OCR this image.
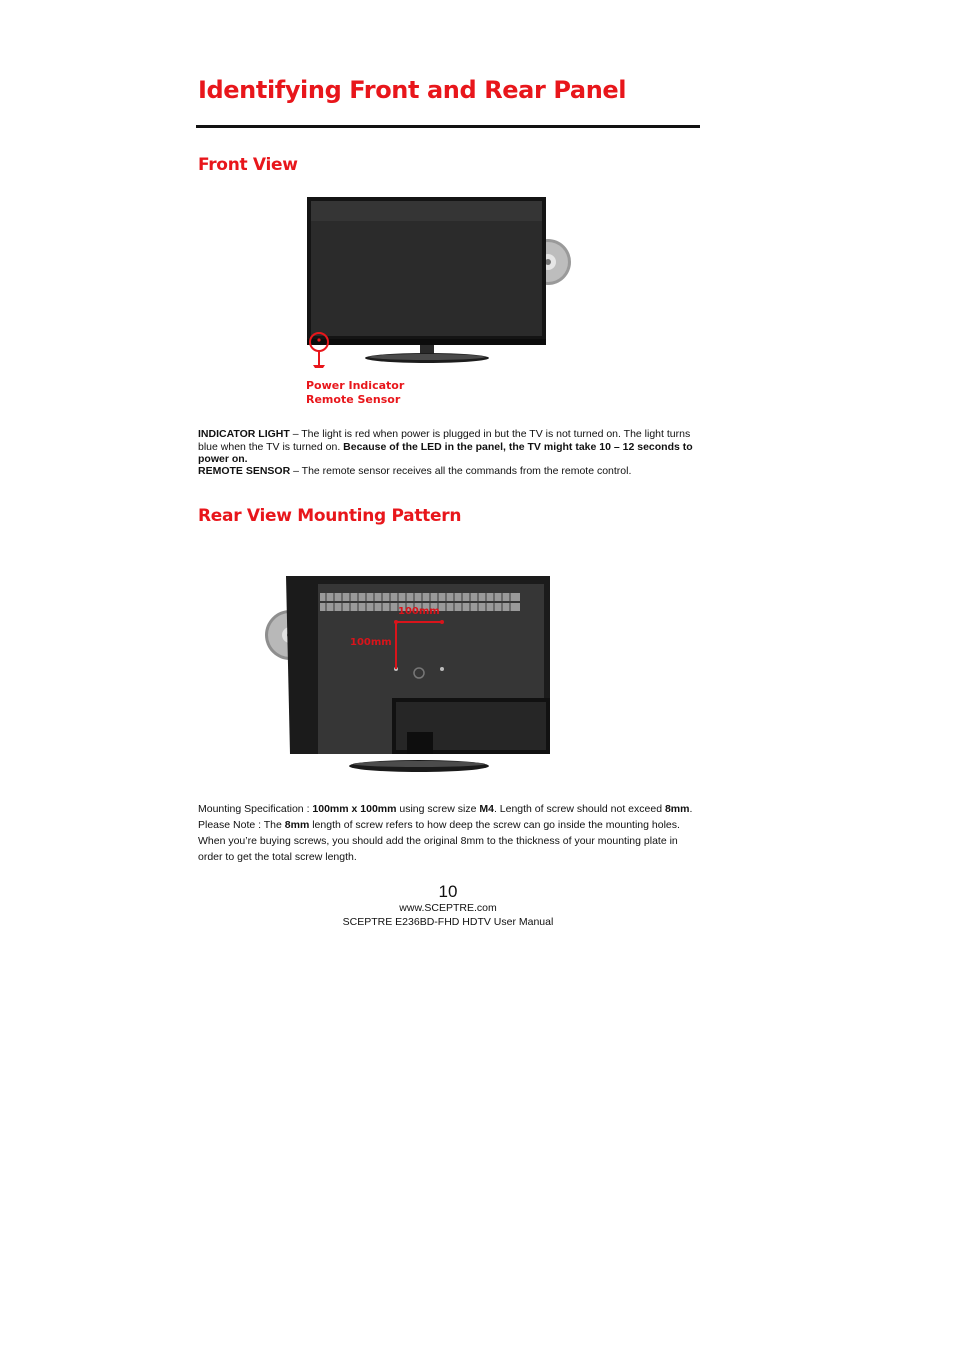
Identifying Front and Rear Panel
Front View
Power Indicator
Remote Sensor

INDICATOR LIGHT – The light is red when power is plugged in but the TV is not turned on. The light turns blue when the TV is turned on. Because of the LED in the panel, the TV might take 10 – 12 seconds to power on.

REMOTE SENSOR – The remote sensor receives all the commands from the remote control.

Rear View Mounting Pattern
100mm
100mm

Mounting Specification : 100mm x 100mm using screw size M4. Length of screw should not exceed 8mm. Please Note : The 8mm length of screw refers to how deep the screw can go inside the mounting holes. When you’re buying screws, you should add the original 8mm to the thickness of your mounting plate in order to get the total screw length.

10
www.SCEPTRE.com
SCEPTRE E236BD-FHD HDTV User Manual
